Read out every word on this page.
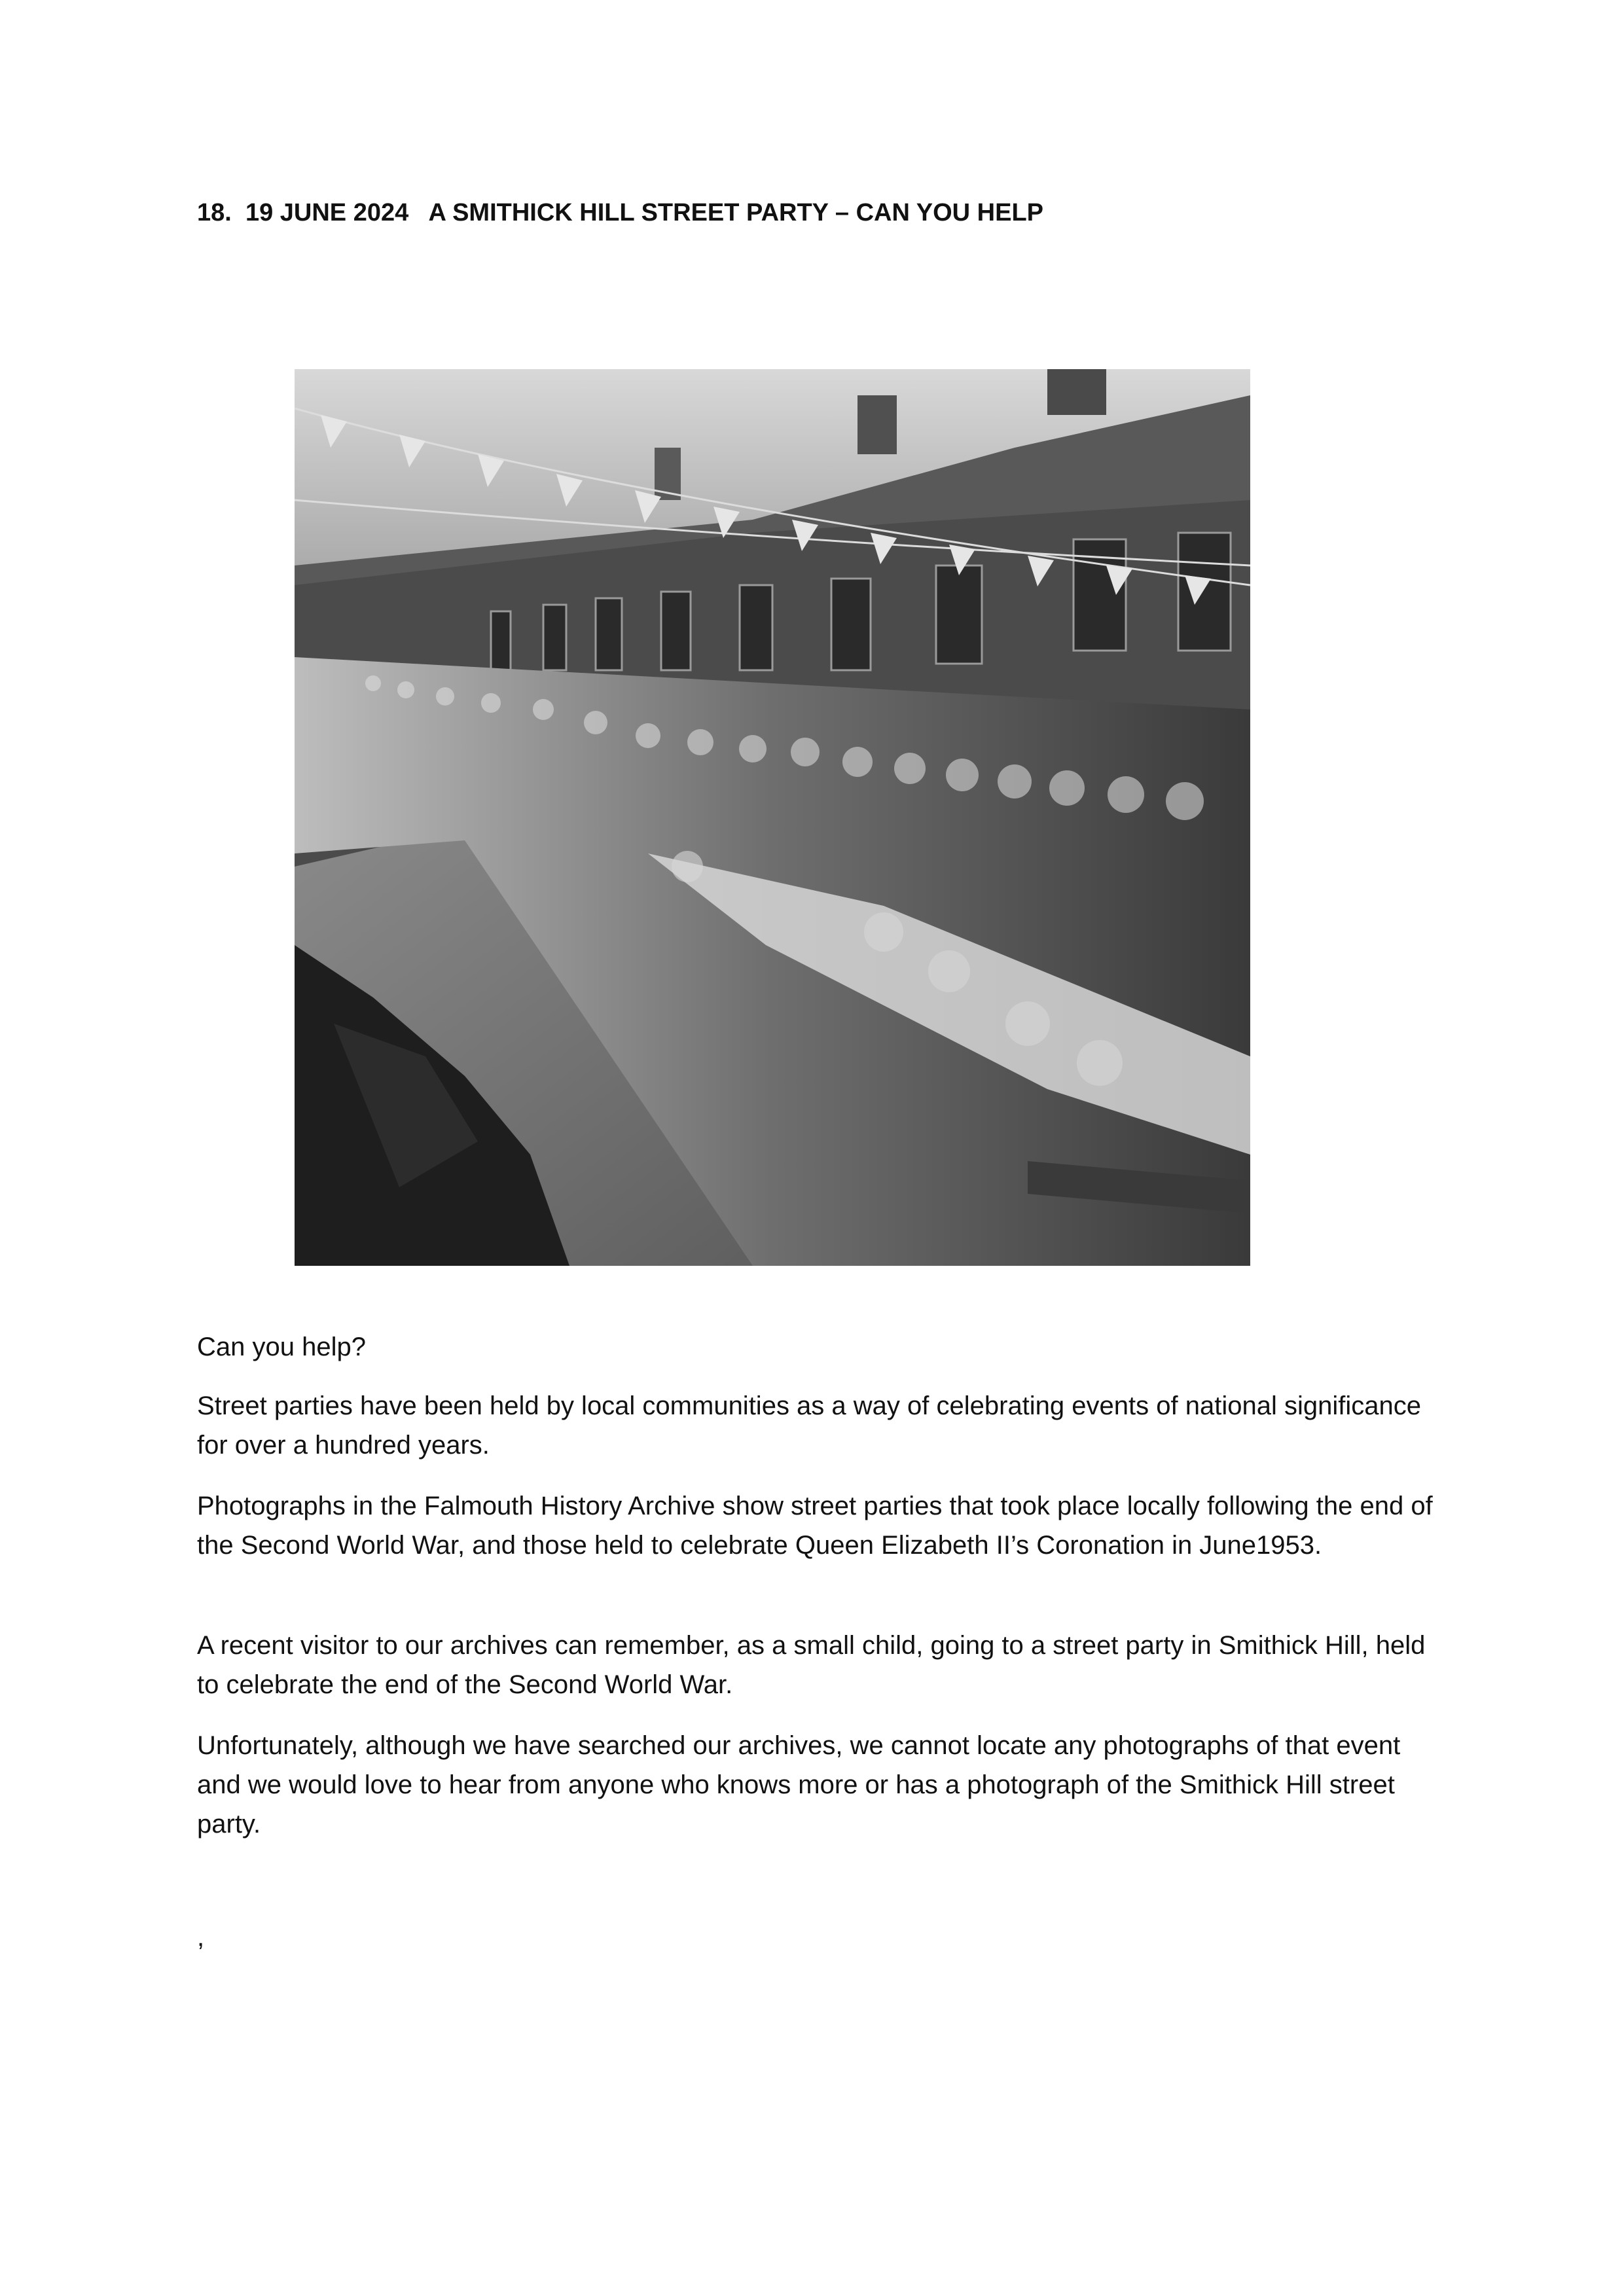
18.  19 JUNE 2024   A SMITHICK HILL STREET PARTY – CAN YOU HELP

Can you help?

Street parties have been held by local communities as a way of celebrating events of national significance for over a hundred years.

Photographs in the Falmouth History Archive show street parties that took place locally following the end of the Second World War, and those held to celebrate Queen Elizabeth II’s Coronation in June1953.

A recent visitor to our archives can remember, as a small child, going to a street party in Smithick Hill, held to celebrate the end of the Second World War.

Unfortunately, although we have searched our archives, we cannot locate any photographs of that event and we would love to hear from anyone who knows more or has a photograph of the Smithick Hill street party.

,
